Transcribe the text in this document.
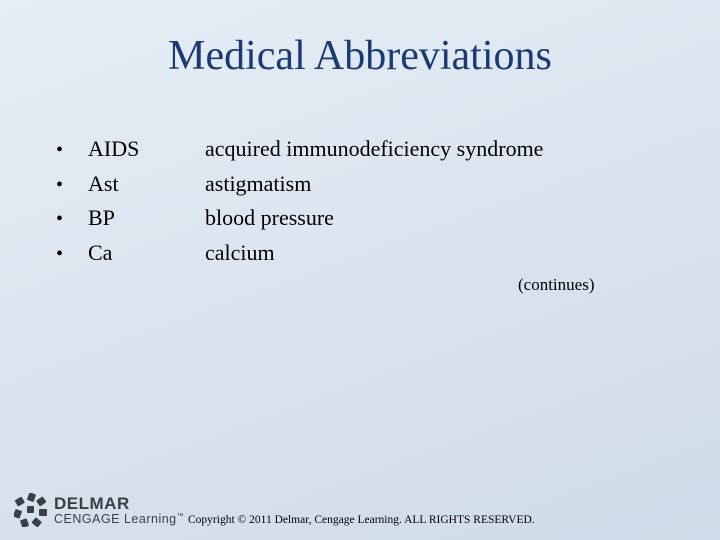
Medical Abbreviations
•	AIDS	acquired immunodeficiency syndrome
•	Ast	astigmatism
•	BP	blood pressure
•	Ca	calcium
(continues)
DELMAR
CENGAGE Learning™ Copyright © 2011 Delmar, Cengage Learning. ALL RIGHTS RESERVED.
